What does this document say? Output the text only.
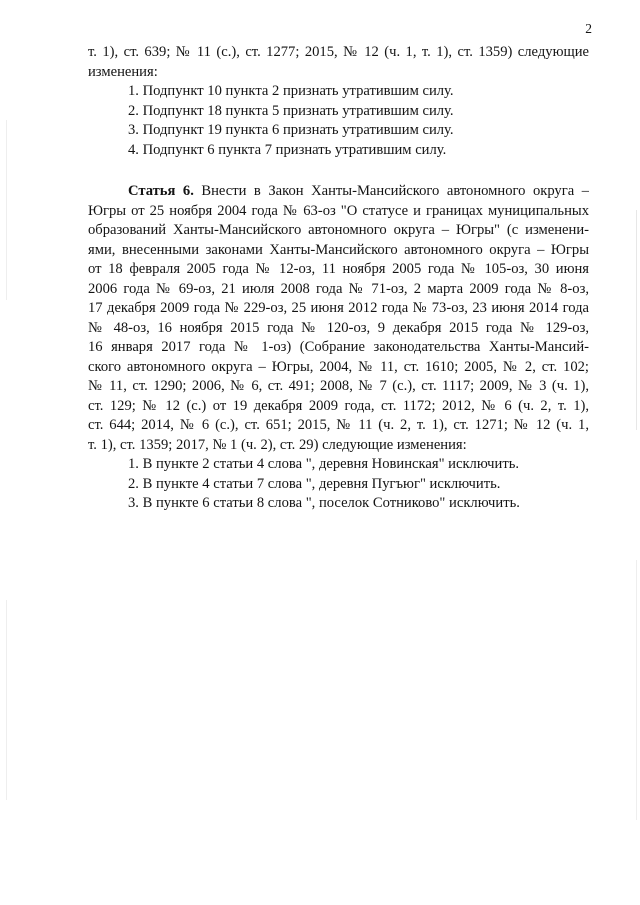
2
т. 1), ст. 639; № 11 (с.), ст. 1277; 2015, № 12 (ч. 1, т. 1), ст. 1359) следующие
изменения:
1. Подпункт 10 пункта 2 признать утратившим силу.
2. Подпункт 18 пункта 5 признать утратившим силу.
3. Подпункт 19 пункта 6 признать утратившим силу.
4. Подпункт 6 пункта 7 признать утратившим силу.
Статья 6. Внести в Закон Ханты-Мансийского автономного округа –
Югры от 25 ноября 2004 года № 63-оз "О статусе и границах муниципальных
образований Ханты-Мансийского автономного округа – Югры" (с изменени-
ями, внесенными законами Ханты-Мансийского автономного округа – Югры
от 18 февраля 2005 года № 12-оз, 11 ноября 2005 года № 105-оз, 30 июня
2006 года № 69-оз, 21 июля 2008 года № 71-оз, 2 марта 2009 года № 8-оз,
17 декабря 2009 года № 229-оз, 25 июня 2012 года № 73-оз, 23 июня 2014 года
№ 48-оз, 16 ноября 2015 года № 120-оз, 9 декабря 2015 года № 129-оз,
16 января 2017 года № 1-оз) (Собрание законодательства Ханты-Мансий-
ского автономного округа – Югры, 2004, № 11, ст. 1610; 2005, № 2, ст. 102;
№ 11, ст. 1290; 2006, № 6, ст. 491; 2008, № 7 (с.), ст. 1117; 2009, № 3 (ч. 1),
ст. 129; № 12 (с.) от 19 декабря 2009 года, ст. 1172; 2012, № 6 (ч. 2, т. 1),
ст. 644; 2014, № 6 (с.), ст. 651; 2015, № 11 (ч. 2, т. 1), ст. 1271; № 12 (ч. 1,
т. 1), ст. 1359; 2017, № 1 (ч. 2), ст. 29) следующие изменения:
1. В пункте 2 статьи 4 слова ", деревня Новинская" исключить.
2. В пункте 4 статьи 7 слова ", деревня Пугъюг" исключить.
3. В пункте 6 статьи 8 слова ", поселок Сотниково" исключить.
